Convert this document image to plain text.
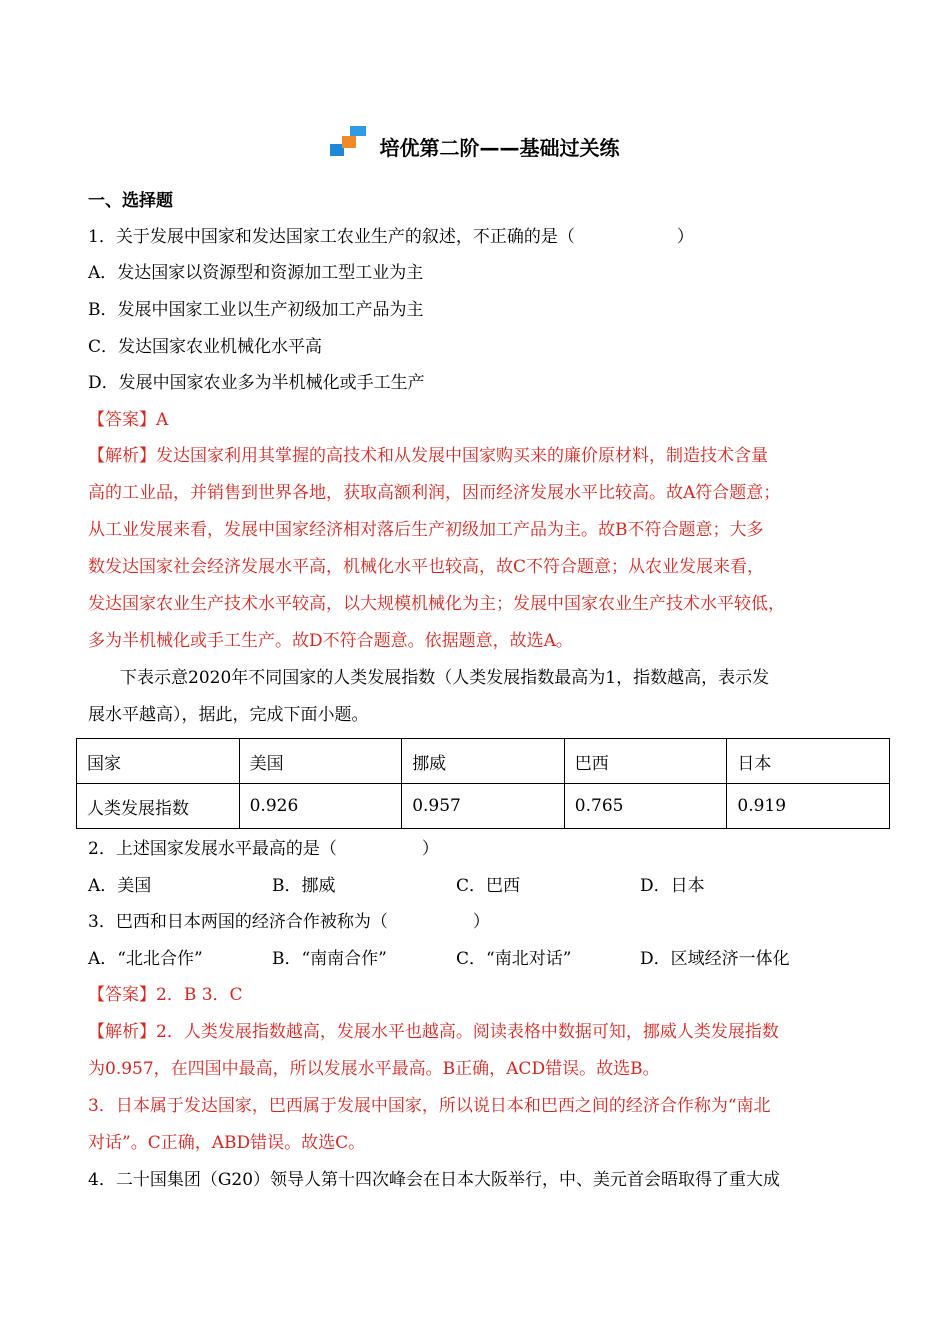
培优第二阶——基础过关练
一、选择题
1．关于发展中国家和发达国家工农业生产的叙述，不正确的是（　　　　　　）
A．发达国家以资源型和资源加工型工业为主
B．发展中国家工业以生产初级加工产品为主
C．发达国家农业机械化水平高
D．发展中国家农业多为半机械化或手工生产
【答案】A
【解析】发达国家利用其掌握的高技术和从发展中国家购买来的廉价原材料，制造技术含量
高的工业品，并销售到世界各地，获取高额利润，因而经济发展水平比较高。故A符合题意；
从工业发展来看，发展中国家经济相对落后生产初级加工产品为主。故B不符合题意；大多
数发达国家社会经济发展水平高，机械化水平也较高，故C不符合题意；从农业发展来看，
发达国家农业生产技术水平较高，以大规模机械化为主；发展中国家农业生产技术水平较低，
多为半机械化或手工生产。故D不符合题意。依据题意，故选A。
下表示意2020年不同国家的人类发展指数（人类发展指数最高为1，指数越高，表示发
展水平越高），据此，完成下面小题。
国家	美国	挪威	巴西	日本
人类发展指数	0.926	0.957	0.765	0.919
2．上述国家发展水平最高的是（　　　　　）
A．美国	B．挪威	C．巴西	D．日本
3．巴西和日本两国的经济合作被称为（　　　　　）
A．“北北合作”	B．“南南合作”	C．“南北对话”	D．区域经济一体化
【答案】2．B 3．C
【解析】2．人类发展指数越高，发展水平也越高。阅读表格中数据可知，挪威人类发展指数
为0.957，在四国中最高，所以发展水平最高。B正确，ACD错误。故选B。
3．日本属于发达国家，巴西属于发展中国家，所以说日本和巴西之间的经济合作称为“南北
对话”。C正确，ABD错误。故选C。
4．二十国集团（G20）领导人第十四次峰会在日本大阪举行，中、美元首会晤取得了重大成
